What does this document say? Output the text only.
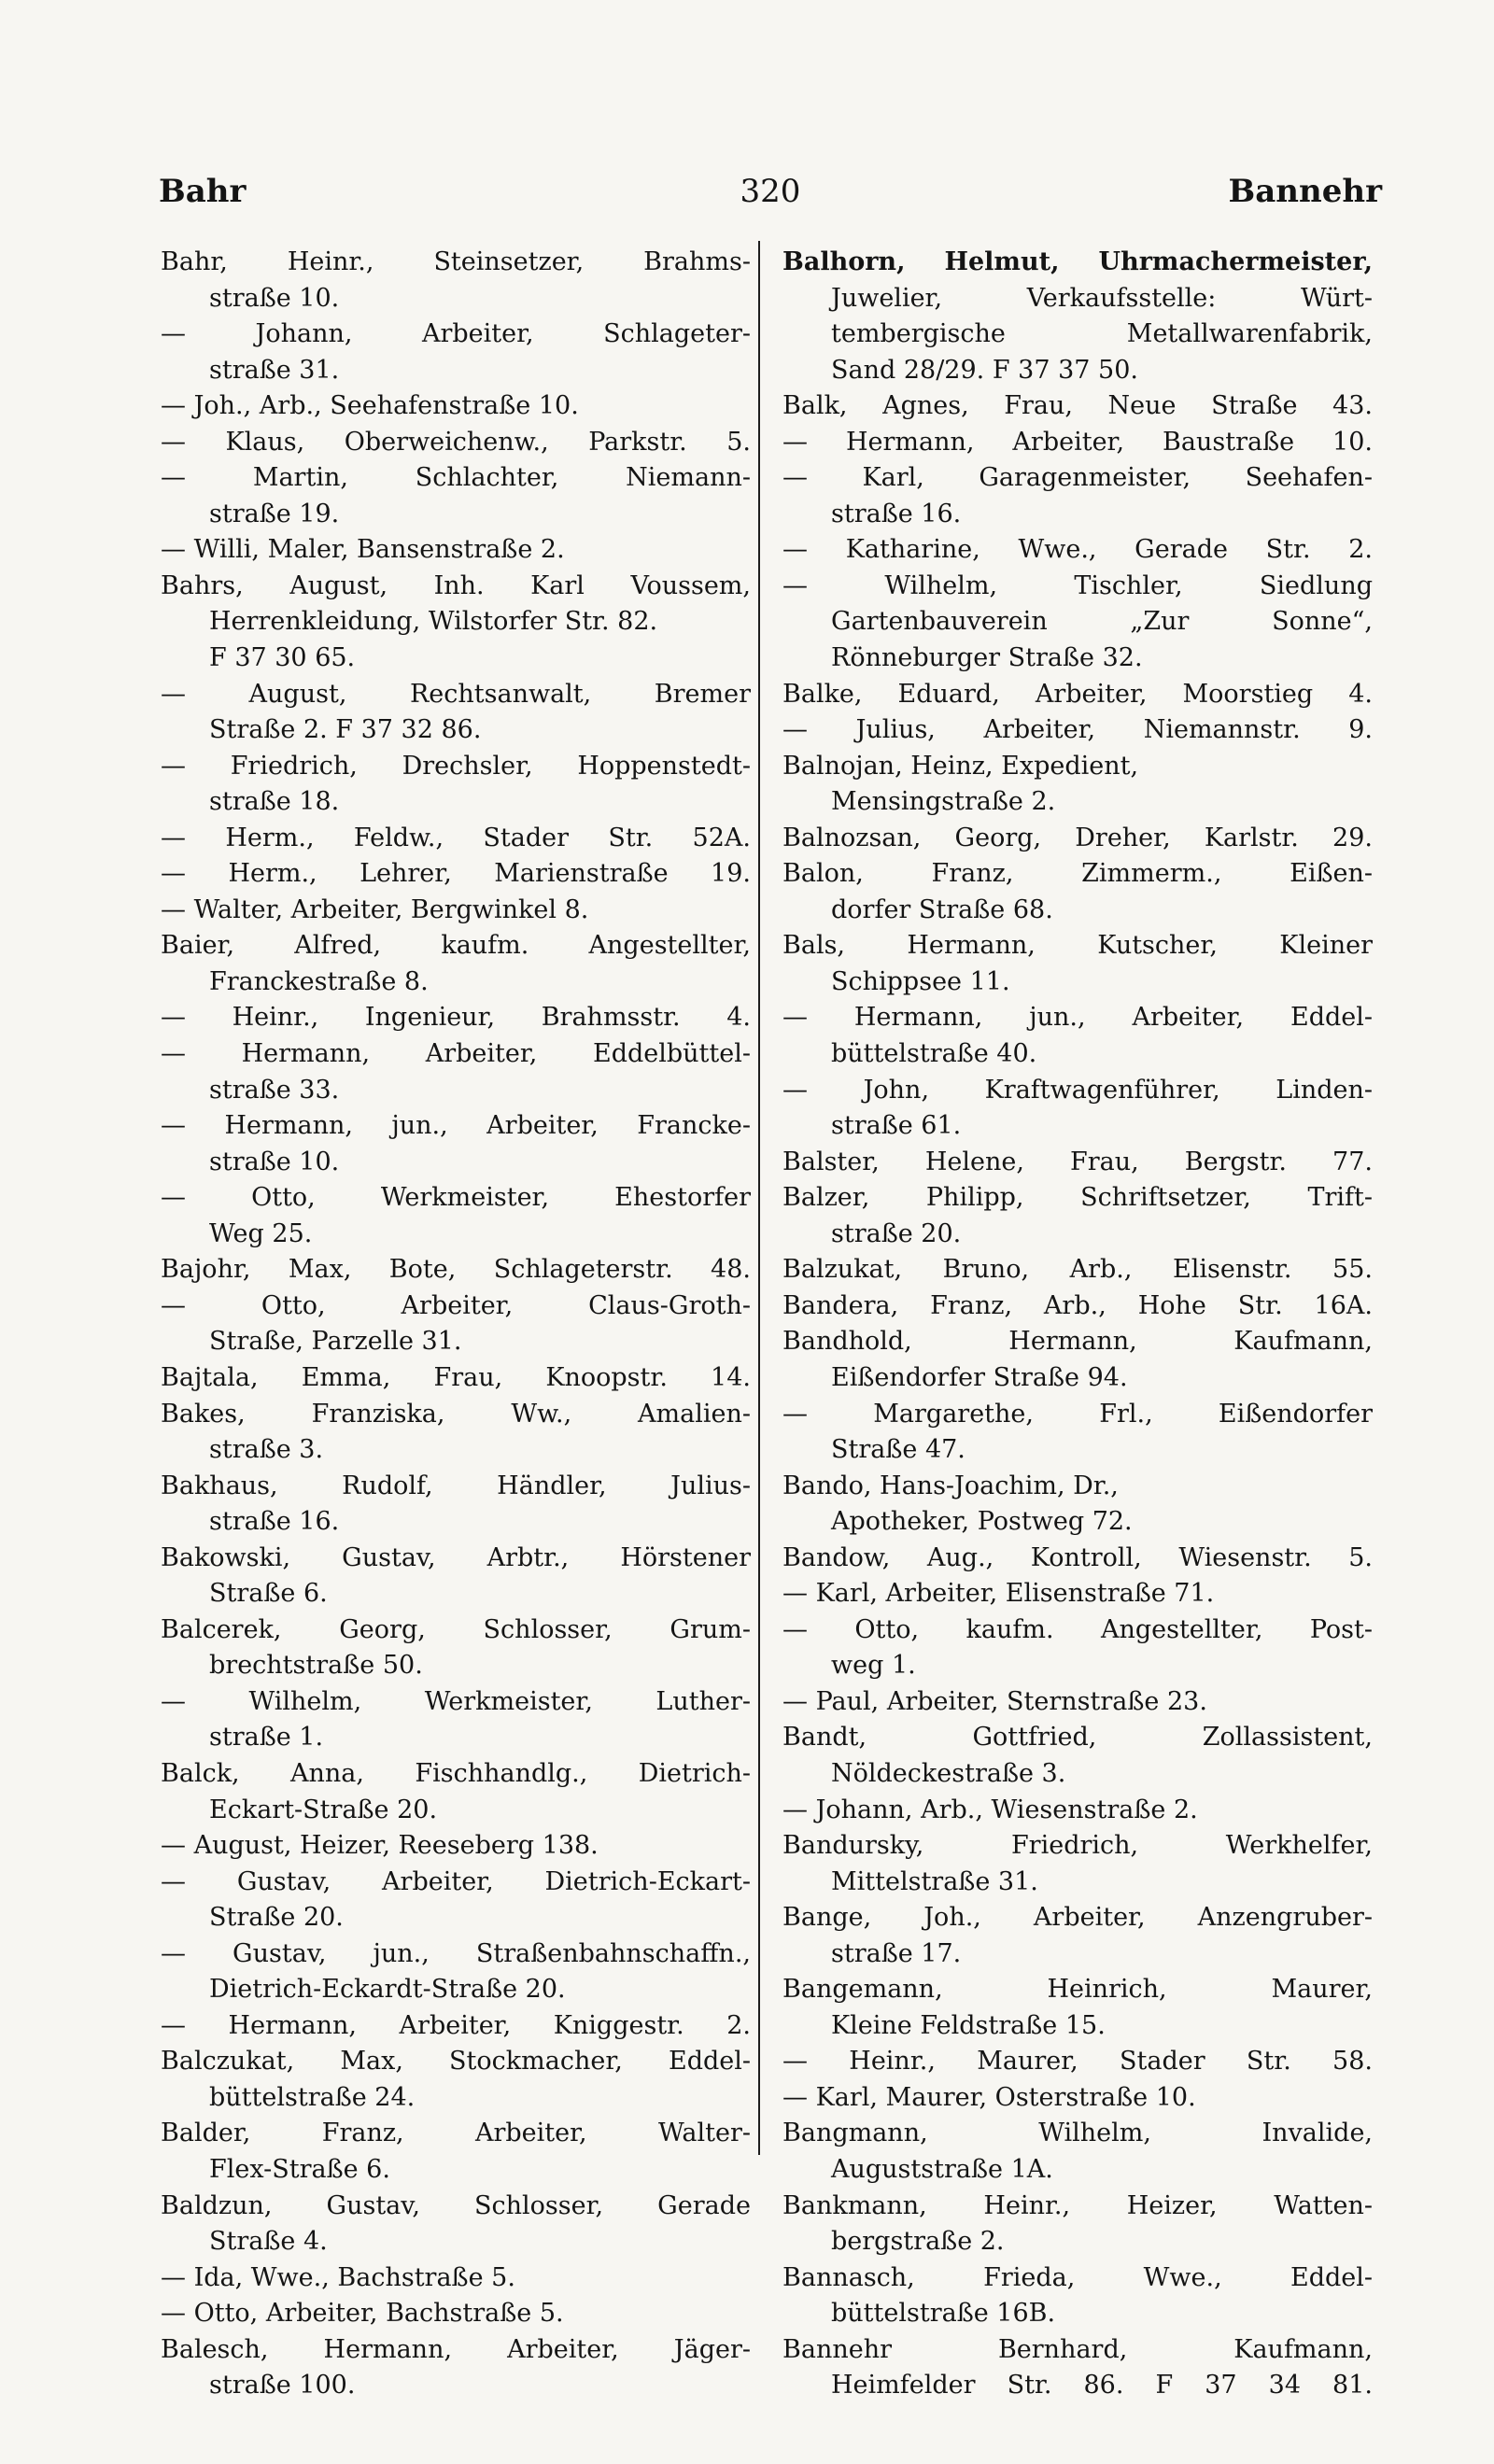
320
Bahr	Bannehr
Bahr, Heinr., Steinsetzer, Brahms-
straße 10.
— Johann, Arbeiter, Schlageter-
straße 31.
— Joh., Arb., Seehafenstraße 10.
— Klaus, Oberweichenw., Parkstr. 5.
— Martin, Schlachter, Niemann-
straße 19.
— Willi, Maler, Bansenstraße 2.
Bahrs, August, Inh. Karl Voussem,
Herrenkleidung, Wilstorfer Str. 82.
F 37 30 65.
— August, Rechtsanwalt, Bremer
Straße 2. F 37 32 86.
— Friedrich, Drechsler, Hoppenstedt-
straße 18.
— Herm., Feldw., Stader Str. 52A.
— Herm., Lehrer, Marienstraße 19.
— Walter, Arbeiter, Bergwinkel 8.
Baier, Alfred, kaufm. Angestellter,
Franckestraße 8.
— Heinr., Ingenieur, Brahmsstr. 4.
— Hermann, Arbeiter, Eddelbüttel-
straße 33.
— Hermann, jun., Arbeiter, Francke-
straße 10.
— Otto, Werkmeister, Ehestorfer
Weg 25.
Bajohr, Max, Bote, Schlageterstr. 48.
— Otto, Arbeiter, Claus-Groth-
Straße, Parzelle 31.
Bajtala, Emma, Frau, Knoopstr. 14.
Bakes, Franziska, Ww., Amalien-
straße 3.
Bakhaus, Rudolf, Händler, Julius-
straße 16.
Bakowski, Gustav, Arbtr., Hörstener
Straße 6.
Balcerek, Georg, Schlosser, Grum-
brechtstraße 50.
— Wilhelm, Werkmeister, Luther-
straße 1.
Balck, Anna, Fischhandlg., Dietrich-
Eckart-Straße 20.
— August, Heizer, Reeseberg 138.
— Gustav, Arbeiter, Dietrich-Eckart-
Straße 20.
— Gustav, jun., Straßenbahnschaffn.,
Dietrich-Eckardt-Straße 20.
— Hermann, Arbeiter, Kniggestr. 2.
Balczukat, Max, Stockmacher, Eddel-
büttelstraße 24.
Balder, Franz, Arbeiter, Walter-
Flex-Straße 6.
Baldzun, Gustav, Schlosser, Gerade
Straße 4.
— Ida, Wwe., Bachstraße 5.
— Otto, Arbeiter, Bachstraße 5.
Balesch, Hermann, Arbeiter, Jäger-
straße 100.
Balhorn, Helmut, Uhrmachermeister,
Juwelier, Verkaufsstelle: Würt-
tembergische Metallwarenfabrik,
Sand 28/29. F 37 37 50.
Balk, Agnes, Frau, Neue Straße 43.
— Hermann, Arbeiter, Baustraße 10.
— Karl, Garagenmeister, Seehafen-
straße 16.
— Katharine, Wwe., Gerade Str. 2.
— Wilhelm, Tischler, Siedlung
Gartenbauverein „Zur Sonne“,
Rönneburger Straße 32.
Balke, Eduard, Arbeiter, Moorstieg 4.
— Julius, Arbeiter, Niemannstr. 9.
Balnojan, Heinz, Expedient,
Mensingstraße 2.
Balnozsan, Georg, Dreher, Karlstr. 29.
Balon, Franz, Zimmerm., Eißen-
dorfer Straße 68.
Bals, Hermann, Kutscher, Kleiner
Schippsee 11.
— Hermann, jun., Arbeiter, Eddel-
büttelstraße 40.
— John, Kraftwagenführer, Linden-
straße 61.
Balster, Helene, Frau, Bergstr. 77.
Balzer, Philipp, Schriftsetzer, Trift-
straße 20.
Balzukat, Bruno, Arb., Elisenstr. 55.
Bandera, Franz, Arb., Hohe Str. 16A.
Bandhold, Hermann, Kaufmann,
Eißendorfer Straße 94.
— Margarethe, Frl., Eißendorfer
Straße 47.
Bando, Hans-Joachim, Dr.,
Apotheker, Postweg 72.
Bandow, Aug., Kontroll, Wiesenstr. 5.
— Karl, Arbeiter, Elisenstraße 71.
— Otto, kaufm. Angestellter, Post-
weg 1.
— Paul, Arbeiter, Sternstraße 23.
Bandt, Gottfried, Zollassistent,
Nöldeckestraße 3.
— Johann, Arb., Wiesenstraße 2.
Bandursky, Friedrich, Werkhelfer,
Mittelstraße 31.
Bange, Joh., Arbeiter, Anzengruber-
straße 17.
Bangemann, Heinrich, Maurer,
Kleine Feldstraße 15.
— Heinr., Maurer, Stader Str. 58.
— Karl, Maurer, Osterstraße 10.
Bangmann, Wilhelm, Invalide,
Auguststraße 1A.
Bankmann, Heinr., Heizer, Watten-
bergstraße 2.
Bannasch, Frieda, Wwe., Eddel-
büttelstraße 16B.
Bannehr Bernhard, Kaufmann,
Heimfelder Str. 86. F 37 34 81.
